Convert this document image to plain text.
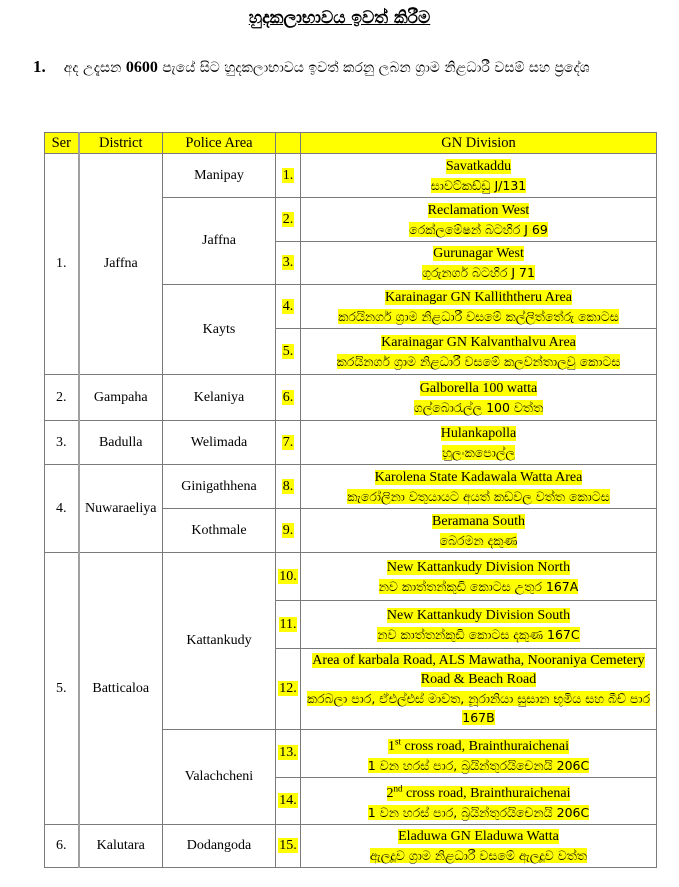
හුදකලාභාවය ඉවත් කිරීම
1. අද උදැසන 0600 පැයේ සිට හුදකලාභාවය ඉවත් කරනු ලබන ග්‍රාම නිළධාරී වසම් සහ ප්‍රදේශ
Ser	District	Police Area		GN Division
1.	Jaffna	Manipay	1.	Savatkaddu
සාවට්කඩ්ඩු J/131

		Jaffna	2.	Reclamation West
රෙක්ලමේෂන් බටහිර J 69

			3.	Gurunagar West
ගුරුනගර් බටහිර J 71

		Kayts	4.	Karainagar GN Kalliththeru Area
කරයිනගර් ග්‍රාම නිළධාරී වසමේ කල්ලිත්තේරු කොටස

			5.	Karainagar GN Kalvanthalvu Area
කරයිනගර් ග්‍රාම නිළධාරී වසමේ කලවන්තාලවු කොටස

2.	Gampaha	Kelaniya	6.	Galborella 100 watta
ගල්බොරැල්ල 100 වත්ත

3.	Badulla	Welimada	7.	Hulankapolla
හුලංකපොල්ල

4.	Nuwaraeliya	Ginigathhena	8.	Karolena State Kadawala Watta Area
කැරෝලිනා වතුයායට අයත් කඩවල වත්ත කොටස

		Kothmale	9.	Beramana South
බෙරමන දකුණ

5.	Batticaloa	Kattankudy	10.	New Kattankudy Division North
නව කාත්තන්කුඩි කොටස උතුර 167A

			11.	New Kattankudy Division South
නව කාත්තන්කුඩි කොටස දකුණ 167C

			12.	Area of karbala Road, ALS Mawatha, Nooraniya Cemetery Road & Beach Road
කරබලා පාර, ඒඑල්එස් මාවත, නූරානියා සුසාන භූමිය සහ බීච් පාර 167B

		Valachcheni	13.	1st cross road, Brainthuraichenai
1 වන හරස් පාර, බ්‍රයින්තුරයිචෙනයි 206C

			14.	2nd cross road, Brainthuraichenai
1 වන හරස් පාර, බ්‍රයින්තුරයිචෙනයි 206C

6.	Kalutara	Dodangoda	15.	Eladuwa GN Eladuwa Watta
ඇලදූව ග්‍රාම නිළධාරී වසමේ ඇලදූව වත්ත
